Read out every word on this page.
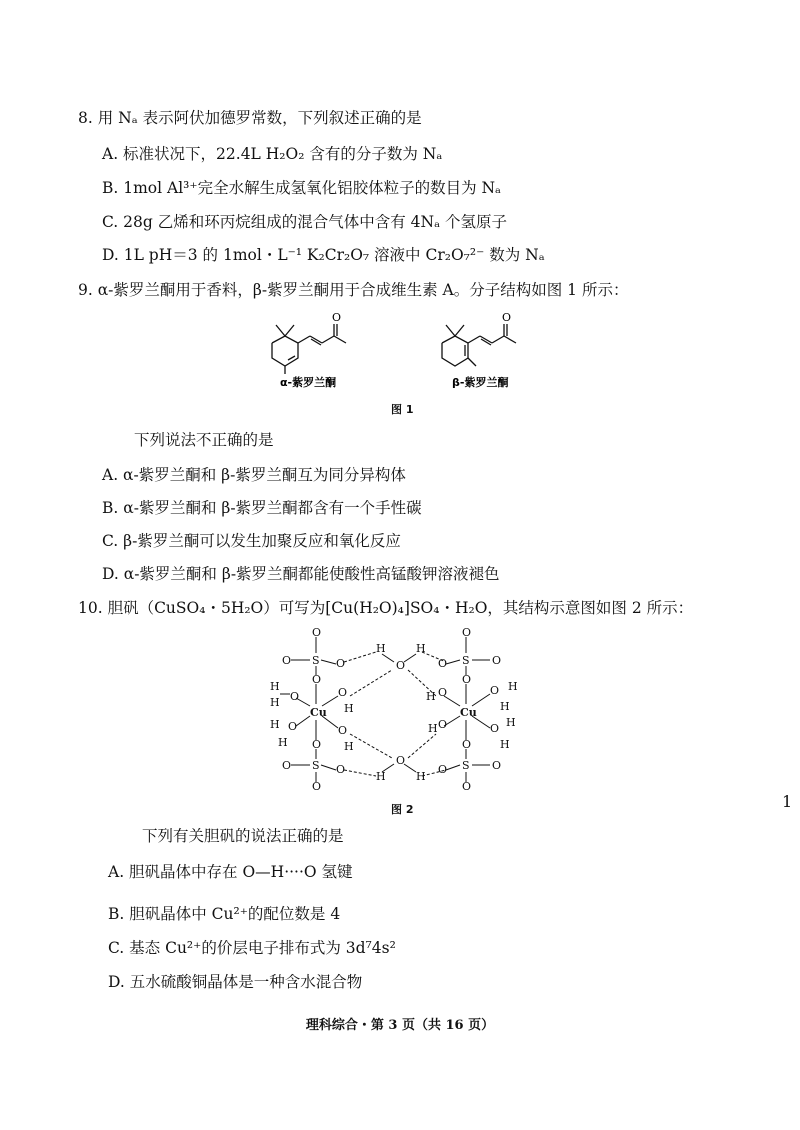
8. 用 Nₐ 表示阿伏加德罗常数，下列叙述正确的是
A. 标准状况下，22.4L H₂O₂ 含有的分子数为 Nₐ
B. 1mol Al³⁺完全水解生成氢氧化铝胶体粒子的数目为 Nₐ
C. 28g 乙烯和环丙烷组成的混合气体中含有 4Nₐ 个氢原子
D. 1L pH＝3 的 1mol・L⁻¹ K₂Cr₂O₇ 溶液中 Cr₂O₇²⁻ 数为 Nₐ
9. α-紫罗兰酮用于香料，β-紫罗兰酮用于合成维生素 A。分子结构如图 1 所示：
O	O
α-紫罗兰酮	β-紫罗兰酮
图 1
下列说法不正确的是
A. α-紫罗兰酮和 β-紫罗兰酮互为同分异构体
B. α-紫罗兰酮和 β-紫罗兰酮都含有一个手性碳
C. β-紫罗兰酮可以发生加聚反应和氧化反应
D. α-紫罗兰酮和 β-紫罗兰酮都能使酸性高锰酸钾溶液褪色
10. 胆矾（CuSO₄・5H₂O）可写为[Cu(H₂O)₄]SO₄・H₂O，其结构示意图如图 2 所示：
O
O S O
O
O
O
S
O
O
H
O
H
H
H O
Cu
O
H
O
H
O
H
H
H O
Cu
O H
H
O H
H
H O
O
O S O
O
O
O
S
O
O
H
O
H
图 2	1
下列有关胆矾的说法正确的是
A. 胆矾晶体中存在 O—H····O 氢键
B. 胆矾晶体中 Cu²⁺的配位数是 4
C. 基态 Cu²⁺的价层电子排布式为 3d⁷4s²
D. 五水硫酸铜晶体是一种含水混合物
理科综合・第 3 页（共 16 页）
